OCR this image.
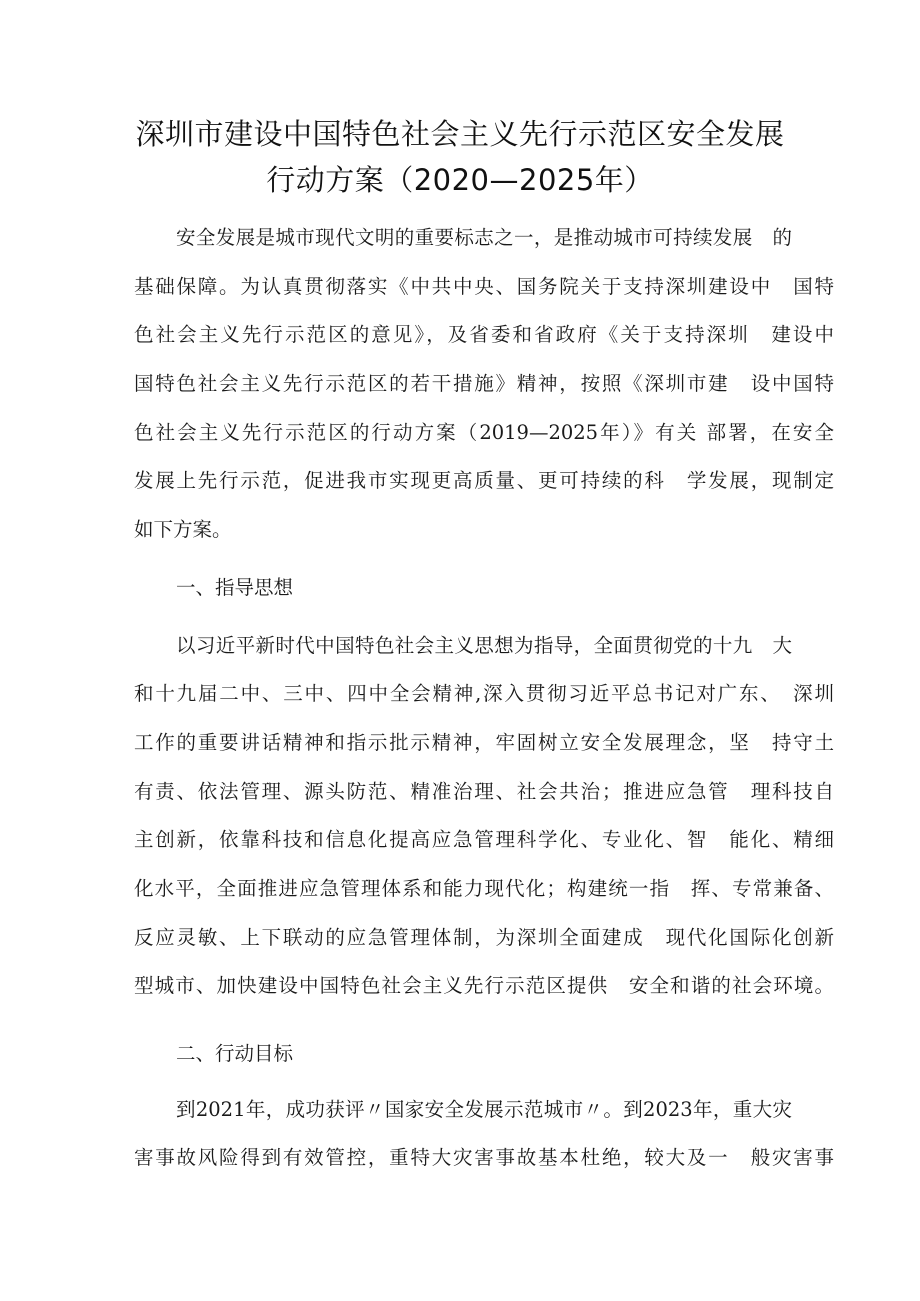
深圳市建设中国特色社会主义先行示范区安全发展
行动方案（2020—2025年）
安全发展是城市现代文明的重要标志之一，是推动城市可持续发展　的
基础保障。为认真贯彻落实《中共中央、国务院关于支持深圳建设中　国特
色社会主义先行示范区的意见》，及省委和省政府《关于支持深圳　建设中
国特色社会主义先行示范区的若干措施》精神，按照《深圳市建　设中国特
色社会主义先行示范区的行动方案（2019—2025年）》有关 部署，在安全
发展上先行示范，促进我市实现更高质量、更可持续的科　学发展，现制定
如下方案。
一、指导思想
以习近平新时代中国特色社会主义思想为指导，全面贯彻党的十九　大
和十九届二中、三中、四中全会精神,深入贯彻习近平总书记对广东、　深圳
工作的重要讲话精神和指示批示精神，牢固树立安全发展理念，坚　持守土
有责、依法管理、源头防范、精准治理、社会共治；推进应急管　理科技自
主创新，依靠科技和信息化提高应急管理科学化、专业化、智　能化、精细
化水平，全面推进应急管理体系和能力现代化；构建统一指　挥、专常兼备、
反应灵敏、上下联动的应急管理体制，为深圳全面建成　现代化国际化创新
型城市、加快建设中国特色社会主义先行示范区提供　安全和谐的社会环境。
二、行动目标
到2021年，成功获评〃国家安全发展示范城市〃。到2023年，重大灾
害事故风险得到有效管控，重特大灾害事故基本杜绝，较大及一　般灾害事
